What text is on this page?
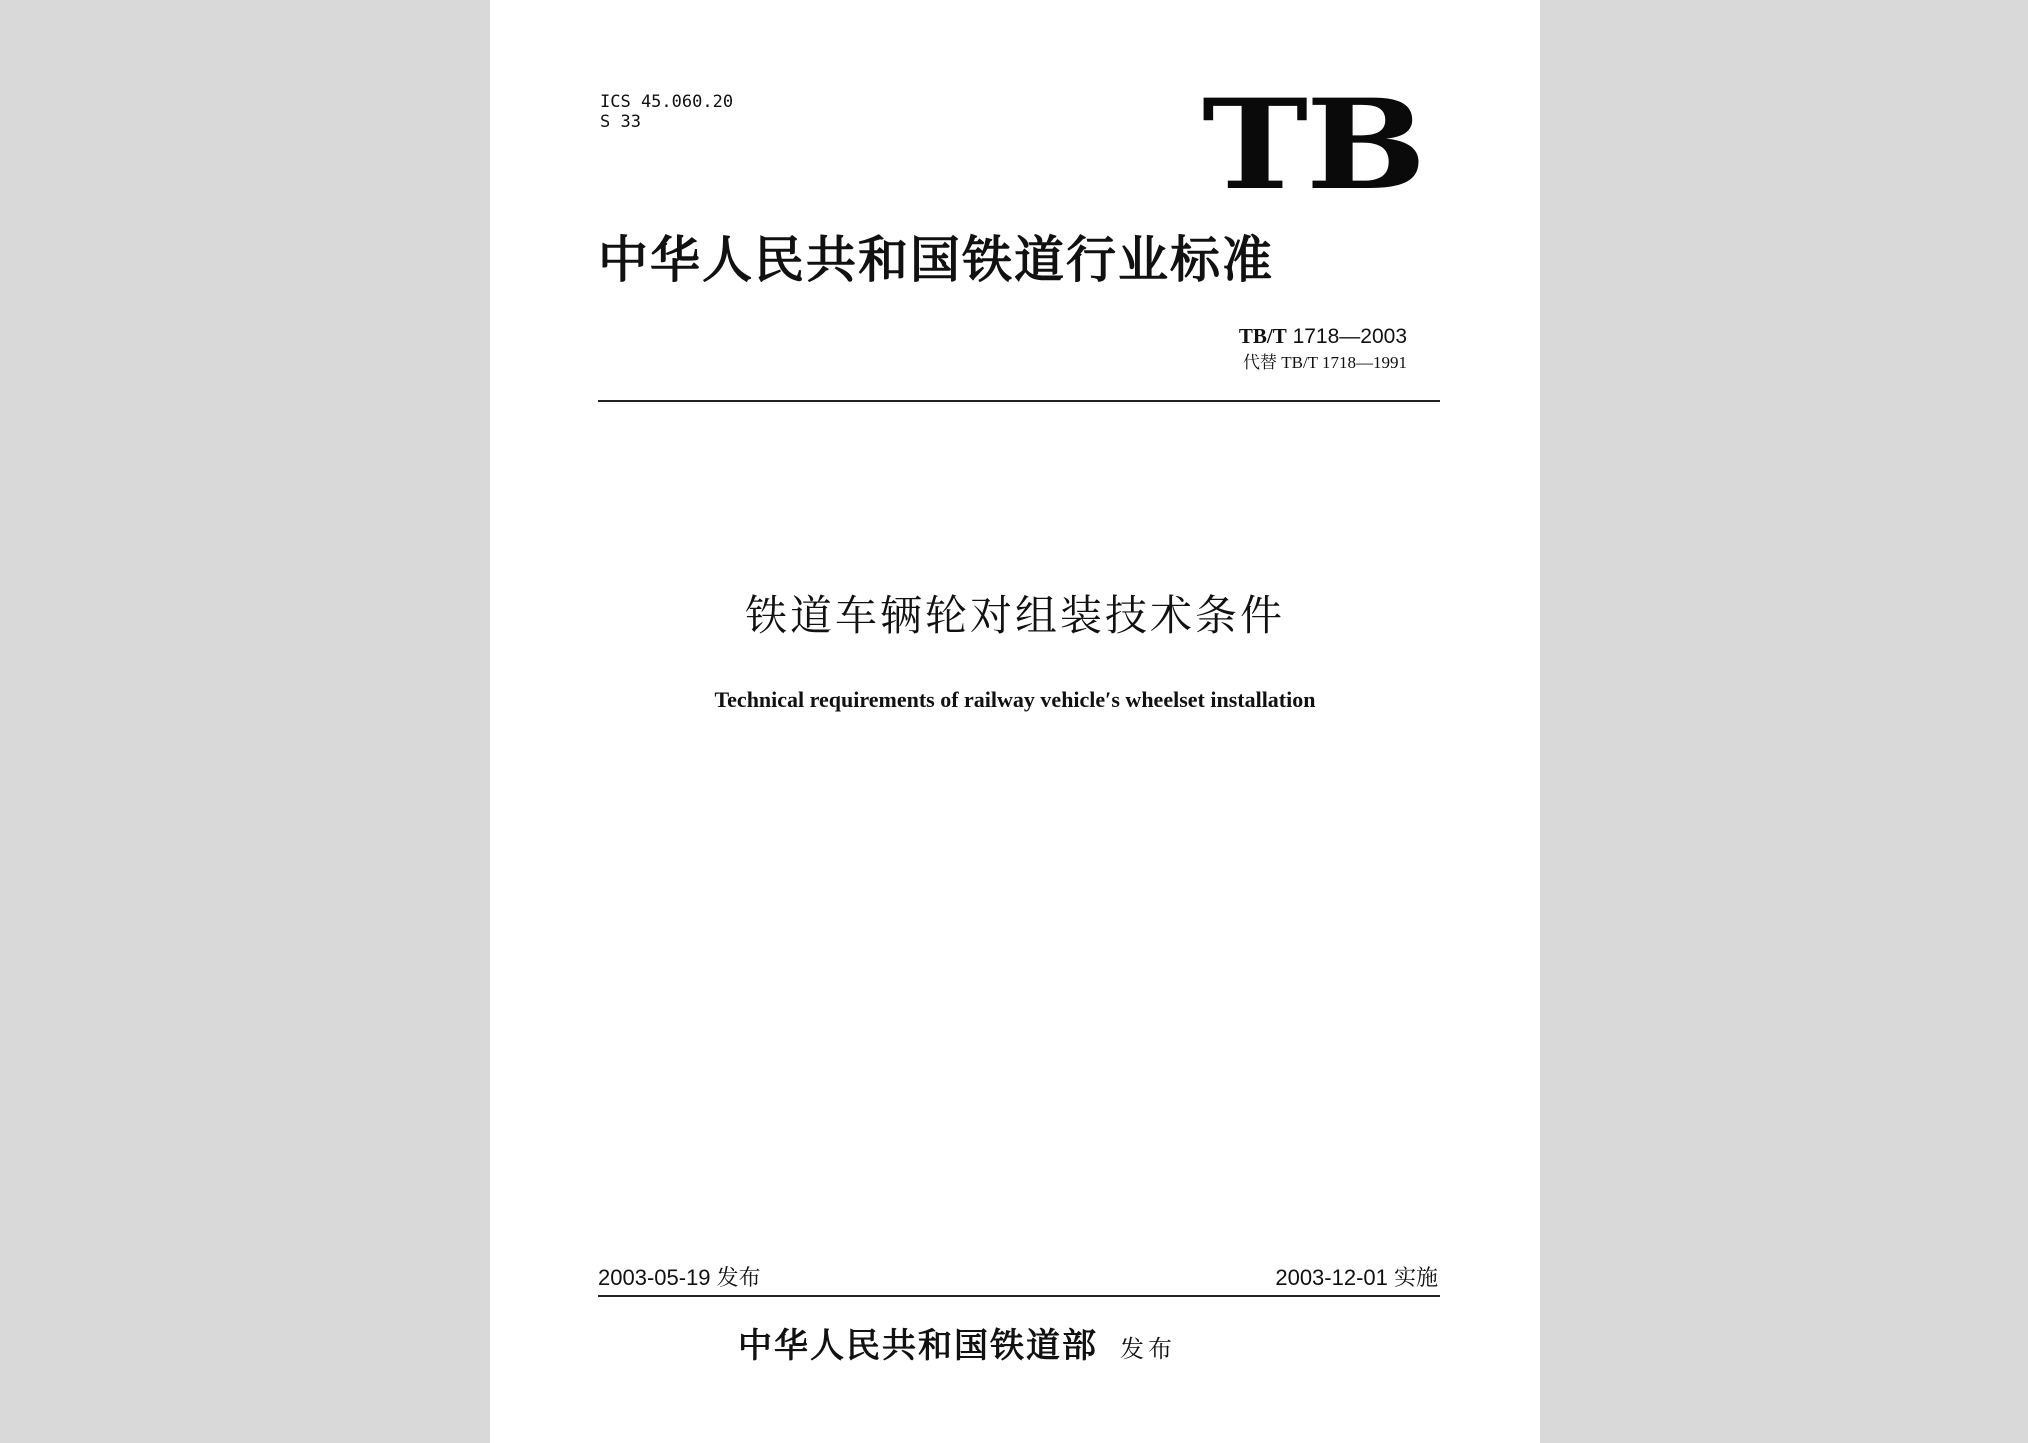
ICS 45.060.20
S 33	TB
中华人民共和国铁道行业标准
TB/T 1718—2003
代替 TB/T 1718—1991
铁道车辆轮对组装技术条件
Technical requirements of railway vehicle′s wheelset installation
2003-05-19 发布	2003-12-01 实施
中华人民共和国铁道部 发布
